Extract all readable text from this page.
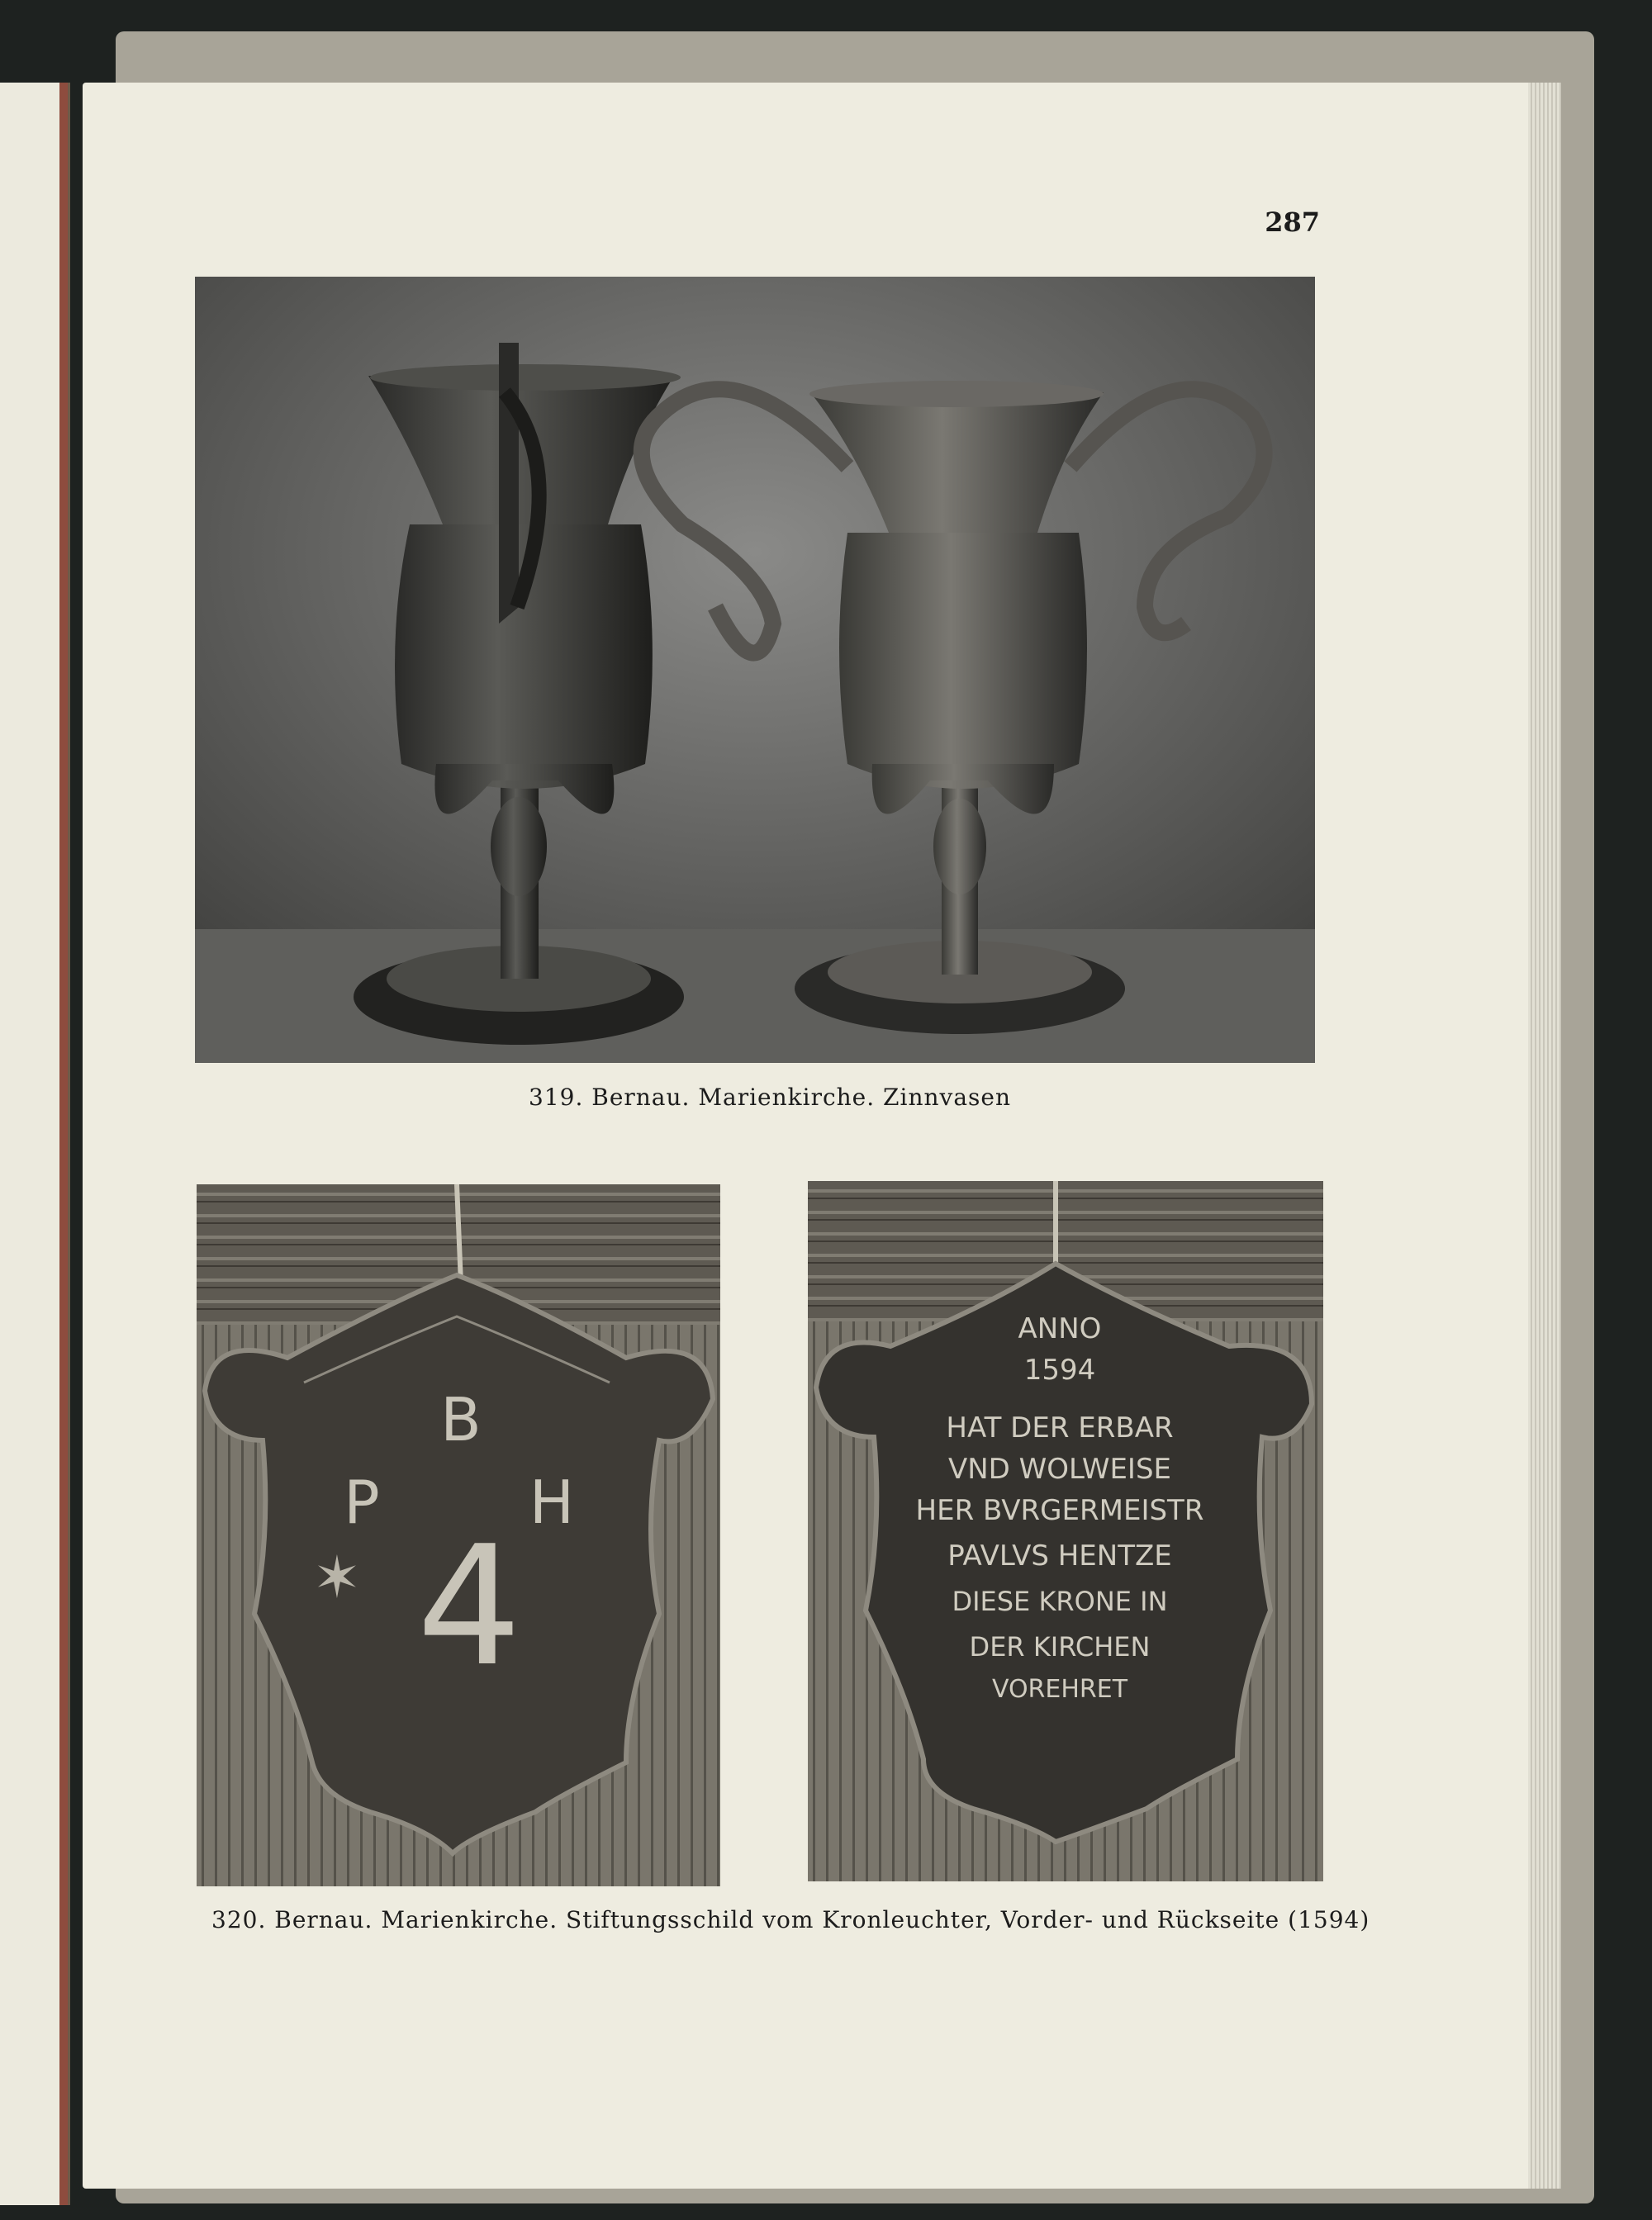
287
319. Bernau. Marienkirche. Zinnvasen
B
P	H
4
✶
ANNO
1594
HAT DER ERBAR
VND WOLWEISE
HER BVRGERMEISTR
PAVLVS HENTZE
DIESE KRONE IN
DER KIRCHEN
VOREHRET
320. Bernau. Marienkirche. Stiftungsschild vom Kronleuchter, Vorder- und Rückseite (1594)
